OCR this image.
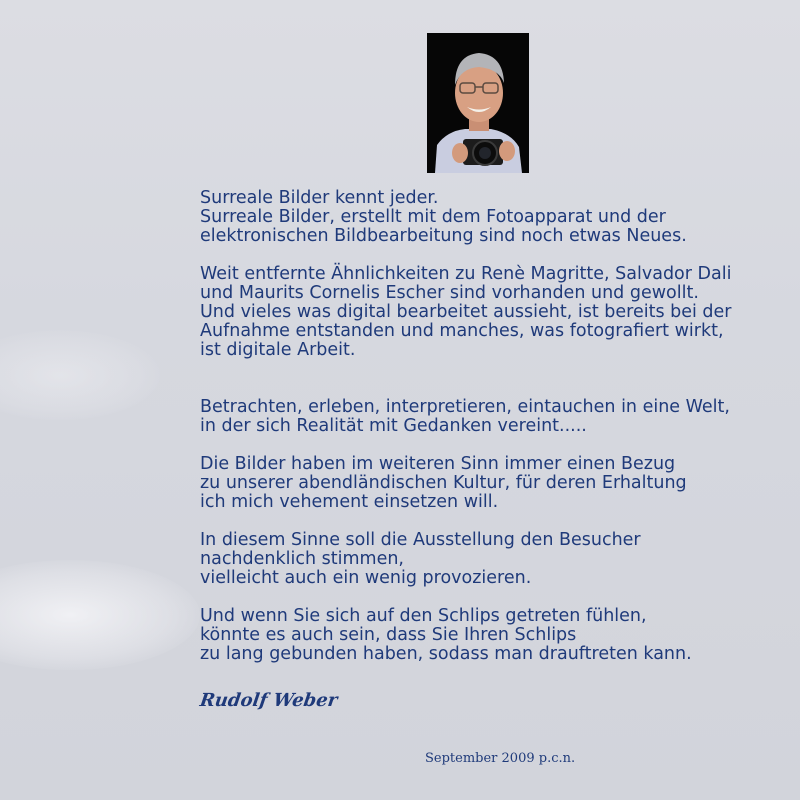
Surreale Bilder kennt jeder.
Surreale Bilder, erstellt mit dem Fotoapparat und der
elektronischen Bildbearbeitung sind noch etwas Neues.

Weit entfernte Ähnlichkeiten zu Renè Magritte, Salvador Dali
und Maurits Cornelis Escher sind vorhanden und gewollt.
Und vieles was digital bearbeitet aussieht, ist bereits bei der
Aufnahme entstanden und manches, was fotografiert wirkt,
ist digitale Arbeit.

Betrachten, erleben, interpretieren, eintauchen in eine Welt,
in der sich Realität mit Gedanken vereint.....

Die Bilder haben im weiteren Sinn immer einen Bezug
zu unserer abendländischen Kultur, für deren Erhaltung
ich mich vehement einsetzen will.

In diesem Sinne soll die Ausstellung den Besucher
nachdenklich stimmen,
vielleicht auch ein wenig provozieren.

Und wenn Sie sich auf den Schlips getreten fühlen,
könnte es auch sein, dass Sie Ihren Schlips
zu lang gebunden haben, sodass man drauftreten kann.

Rudolf Weber
September 2009 p.c.n.
